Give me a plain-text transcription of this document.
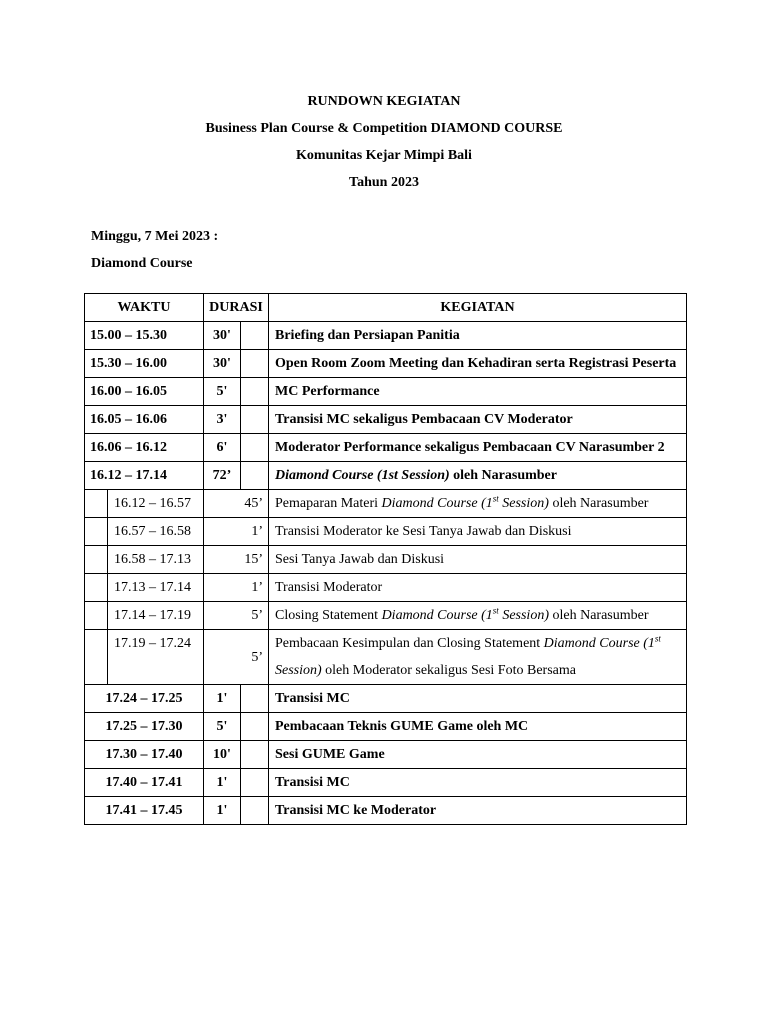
RUNDOWN KEGIATAN
Business Plan Course & Competition DIAMOND COURSE
Komunitas Kejar Mimpi Bali
Tahun 2023
Minggu, 7 Mei 2023 :
Diamond Course
WAKTU		DURASI		KEGIATAN
15.00 – 15.30		30'		Briefing dan Persiapan Panitia
15.30 – 16.00		30'		Open Room Zoom Meeting dan Kehadiran serta Registrasi Peserta
16.00 – 16.05		5'		MC Performance
16.05 – 16.06		3'		Transisi MC sekaligus Pembacaan CV Moderator
16.06 – 16.12		6'		Moderator Performance sekaligus Pembacaan CV Narasumber 2
16.12 – 17.14		72’		Diamond Course (1st Session) oleh Narasumber
	16.12 – 16.57	45’		Pemaparan Materi Diamond Course (1st Session) oleh Narasumber
	16.57 – 16.58	1’		Transisi Moderator ke Sesi Tanya Jawab dan Diskusi
	16.58 – 17.13	15’		Sesi Tanya Jawab dan Diskusi
	17.13 – 17.14	1’		Transisi Moderator
	17.14 – 17.19	5’		Closing Statement Diamond Course (1st Session) oleh Narasumber
	17.19 – 17.24	5’		Pembacaan Kesimpulan dan Closing Statement Diamond Course (1st Session) oleh Moderator sekaligus Sesi Foto Bersama
17.24 – 17.25		1'		Transisi MC
17.25 – 17.30		5'		Pembacaan Teknis GUME Game oleh MC
17.30 – 17.40		10'		Sesi GUME Game
17.40 – 17.41		1'		Transisi MC
17.41 – 17.45		1'		Transisi MC ke Moderator
